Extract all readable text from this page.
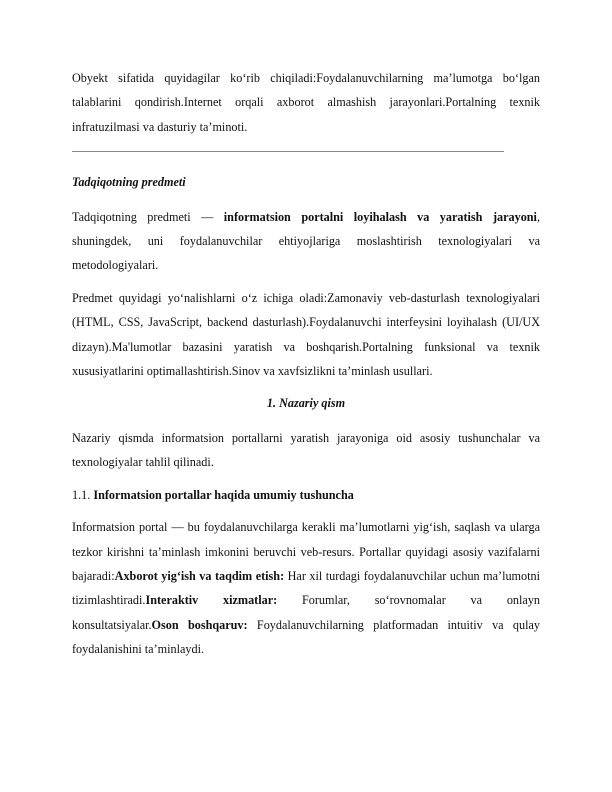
Obyekt sifatida quyidagilar ko‘rib chiqiladi:Foydalanuvchilarning ma’lumotga bo‘lgan talablarini qondirish.Internet orqali axborot almashish jarayonlari.Portalning texnik infratuzilmasi va dasturiy ta’minoti.

Tadqiqotning predmeti

Tadqiqotning predmeti — informatsion portalni loyihalash va yaratish jarayoni, shuningdek, uni foydalanuvchilar ehtiyojlariga moslashtirish texnologiyalari va metodologiyalari.

Predmet quyidagi yo‘nalishlarni o‘z ichiga oladi:Zamonaviy veb-dasturlash texnologiyalari (HTML, CSS, JavaScript, backend dasturlash).Foydalanuvchi interfeysini loyihalash (UI/UX dizayn).Ma'lumotlar bazasini yaratish va boshqarish.Portalning funksional va texnik xususiyatlarini optimallashtirish.Sinov va xavfsizlikni ta’minlash usullari.

1. Nazariy qism

Nazariy qismda informatsion portallarni yaratish jarayoniga oid asosiy tushunchalar va texnologiyalar tahlil qilinadi.

1.1. Informatsion portallar haqida umumiy tushuncha

Informatsion portal — bu foydalanuvchilarga kerakli ma’lumotlarni yig‘ish, saqlash va ularga tezkor kirishni ta’minlash imkonini beruvchi veb-resurs. Portallar quyidagi asosiy vazifalarni bajaradi:Axborot yig‘ish va taqdim etish: Har xil turdagi foydalanuvchilar uchun ma’lumotni tizimlashtiradi.Interaktiv xizmatlar: Forumlar, so‘rovnomalar va onlayn konsultatsiyalar.Oson boshqaruv: Foydalanuvchilarning platformadan intuitiv va qulay foydalanishini ta’minlaydi.
